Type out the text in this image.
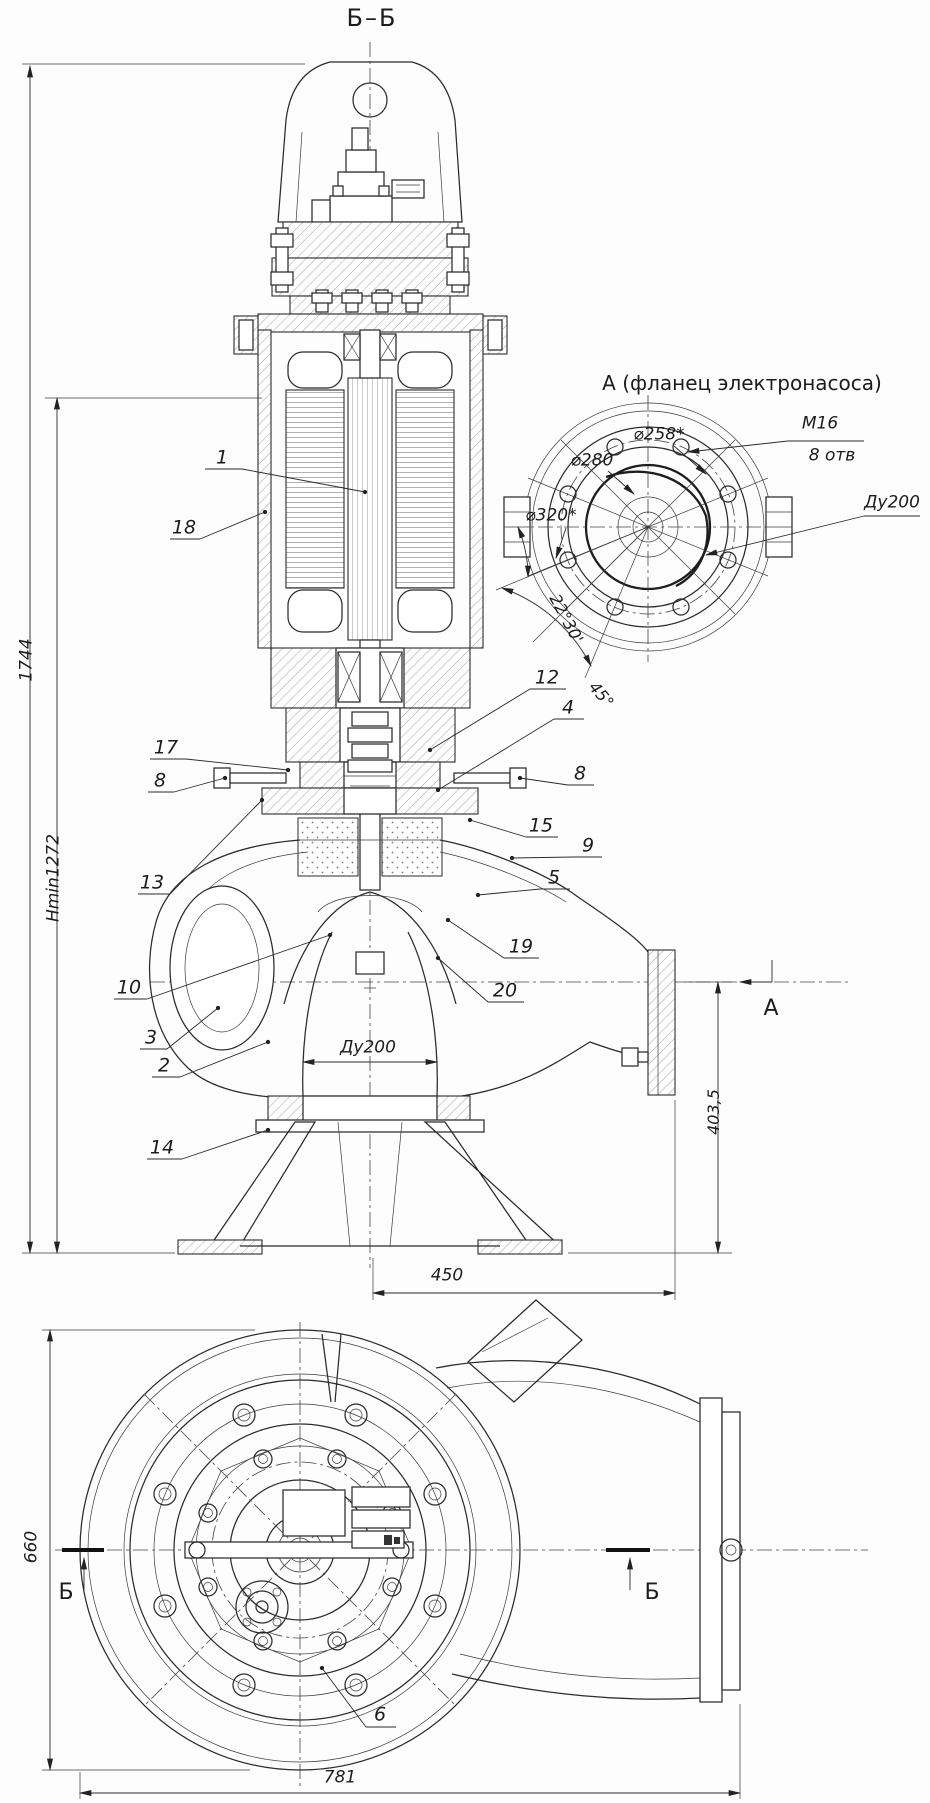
Б–Б
А (фланец электронасоса)
⌀258*
⌀280
⌀320*
М16
8 отв
Ду200
22°30'
45°
1744
Hmin1272
Ду200
403,5
450
А
1
18
17
8
13
10
3
2
14
12
4
8
15
9
5
19
20
660
781
Б	Б
6
